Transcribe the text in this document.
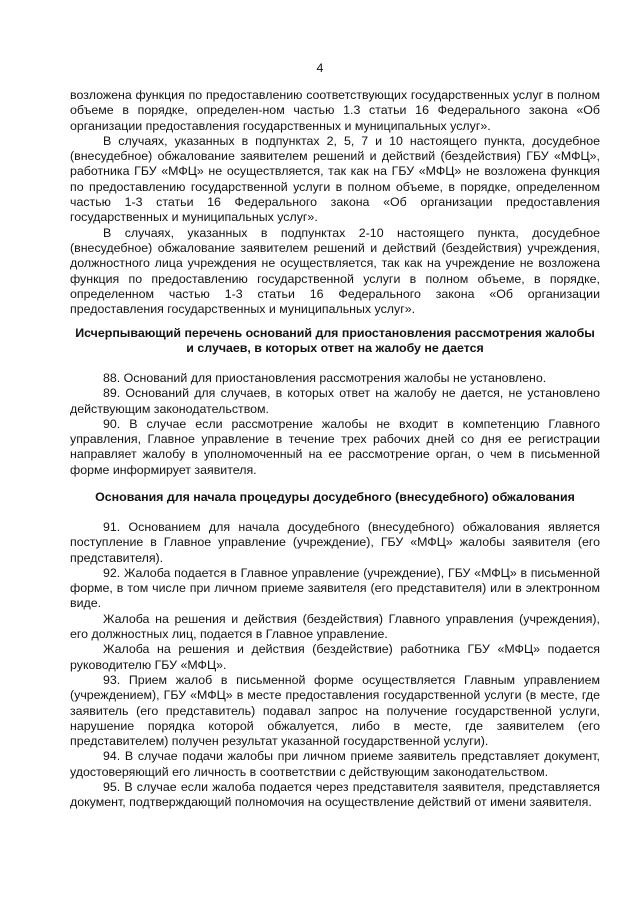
4

возложена функция по предоставлению соответствующих государственных услуг в полном объеме в порядке, определен-ном частью 1.3 статьи 16 Федерального закона «Об организации предоставления государственных и муниципальных услуг».

В случаях, указанных в подпунктах 2, 5, 7 и 10 настоящего пункта, досудебное (внесудебное) обжалование заявителем решений и действий (бездействия) ГБУ «МФЦ», работника ГБУ «МФЦ» не осуществляется, так как на ГБУ «МФЦ» не возложена функция по предоставлению государственной услуги в полном объеме, в порядке, определенном частью 1-3 статьи 16 Федерального закона «Об организации предоставления государственных и муниципальных услуг».

В случаях, указанных в подпунктах 2-10 настоящего пункта, досудебное (внесудебное) обжалование заявителем решений и действий (бездействия) учреждения, должностного лица учреждения не осуществляется, так как на учреждение не возложена функция по предоставлению государственной услуги в полном объеме, в порядке, определенном частью 1-3 статьи 16 Федерального закона «Об организации предоставления государственных и муниципальных услуг».

Исчерпывающий перечень оснований для приостановления рассмотрения жалобы и случаев, в которых ответ на жалобу не дается

88. Оснований для приостановления рассмотрения жалобы не установлено.

89. Оснований для случаев, в которых ответ на жалобу не дается, не установлено действующим законодательством.

90. В случае если рассмотрение жалобы не входит в компетенцию Главного управления, Главное управление в течение трех рабочих дней со дня ее регистрации направляет жалобу в уполномоченный на ее рассмотрение орган, о чем в письменной форме информирует заявителя.

Основания для начала процедуры досудебного (внесудебного) обжалования

91. Основанием для начала досудебного (внесудебного) обжалования является поступление в Главное управление (учреждение), ГБУ «МФЦ» жалобы заявителя (его представителя).

92. Жалоба подается в Главное управление (учреждение), ГБУ «МФЦ» в письменной форме, в том числе при личном приеме заявителя (его представителя) или в электронном виде.

Жалоба на решения и действия (бездействия) Главного управления (учреждения), его должностных лиц, подается в Главное управление.

Жалоба на решения и действия (бездействие) работника ГБУ «МФЦ» подается руководителю ГБУ «МФЦ».

93. Прием жалоб в письменной форме осуществляется Главным управлением (учреждением), ГБУ «МФЦ» в месте предоставления государственной услуги (в месте, где заявитель (его представитель) подавал запрос на получение государственной услуги, нарушение порядка которой обжалуется, либо в месте, где заявителем (его представителем) получен результат указанной государственной услуги).

94. В случае подачи жалобы при личном приеме заявитель представляет документ, удостоверяющий его личность в соответствии с действующим законодательством.

95. В случае если жалоба подается через представителя заявителя, представляется документ, подтверждающий полномочия на осуществление действий от имени заявителя.
